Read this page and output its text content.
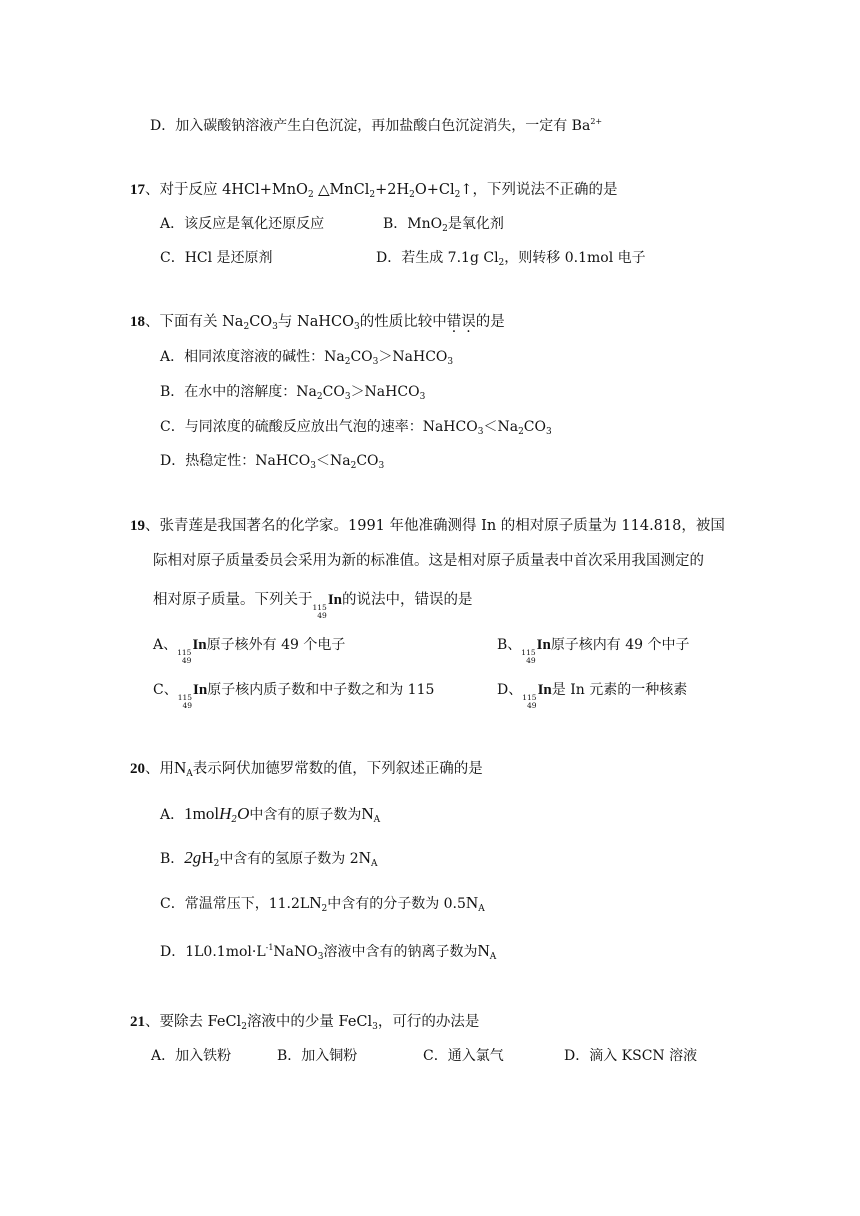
D．加入碳酸钠溶液产生白色沉淀，再加盐酸白色沉淀消失，一定有 $Ba^{2+}$
17、对于反应 4HCl+MnO$_2$ $\triangle MnCl_2+2H_2O+Cl_2↑$，下列说法不正确的是
A．该反应是氧化还原反应	B．MnO$_2$是氧化剂
C．HCl 是还原剂	D．若生成 7.1g $Cl_2$，则转移 0.1mol 电子
18、下面有关 $Na_2CO_3$与 NaHCO$_3$的性质比较中错误的是
A．相同浓度溶液的碱性：$Na_2CO_3>NaHCO_3$
B．在水中的溶解度：$Na_2CO_3>NaHCO_3$
C．与同浓度的硫酸反应放出气泡的速率：$NaHCO_3<Na_2CO_3$
D．热稳定性：$NaHCO_3<Na_2CO_3$
19、张青莲是我国著名的化学家。1991 年他准确测得 In 的相对原子质量为 114.818，被国
际相对原子质量委员会采用为新的标准值。这是相对原子质量表中首次采用我国测定的
相对原子质量。下列关于 115
49
In的说法中，错误的是
A、 115
49
In原子核外有 49 个电子	B、 115
49
In原子核内有 49 个中子
C、 115
49
In原子核内质子数和中子数之和为 115	D、 115
49
In是 In 元素的一种核素
20、用$N_A$表示阿伏加德罗常数的值，下列叙述正确的是
A．1molH$_2$O中含有的原子数为$N_A$
B．$2gH_2$中含有的氢原子数为 $2N_A$
C．常温常压下，$11.2LN_2$中含有的分子数为 $0.5N_A$
D．$1L0.1mol\cdot L^{-1}NaNO_3$溶液中含有的钠离子数为$N_A$
21、要除去 FeCl$_2$溶液中的少量 FeCl$_3$，可行的办法是
A．加入铁粉	B．加入铜粉	C．通入氯气	D．滴入 KSCN 溶液
